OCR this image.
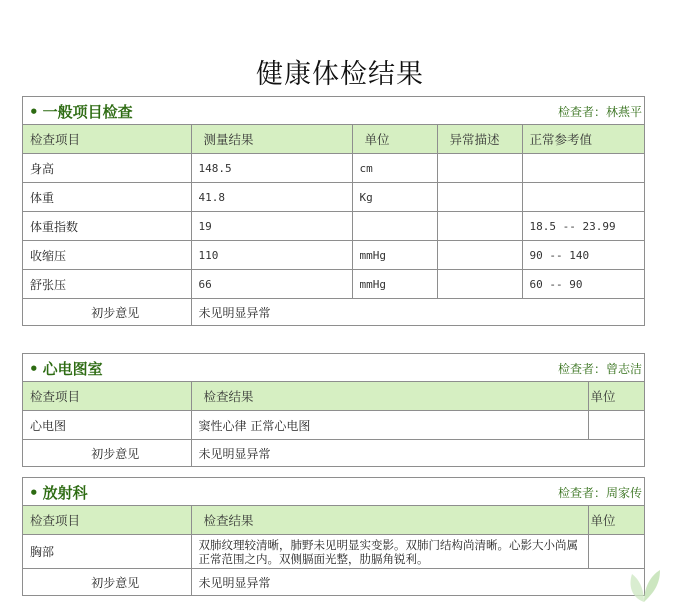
健康体检结果
• 一般项目检查	检查者：林燕平
检查项目	测量结果	单位	异常描述	正常参考值
身高	148.5	cm		
体重	41.8	Kg		
体重指数	19			18.5 -- 23.99
收缩压	110	mmHg		90 -- 140
舒张压	66	mmHg		60 -- 90
初步意见	未见明显异常			
• 心电图室	检查者：曾志洁
检查项目	检查结果	单位
心电图	窦性心律 正常心电图	
初步意见	未见明显异常	
• 放射科	检查者：周家传
检查项目	检查结果	单位
胸部	双肺纹理较清晰，肺野未见明显实变影。双肺门结构尚清晰。心影大小尚属正常范围之内。双侧膈面光整，肋膈角锐利。	
初步意见	未见明显异常	
